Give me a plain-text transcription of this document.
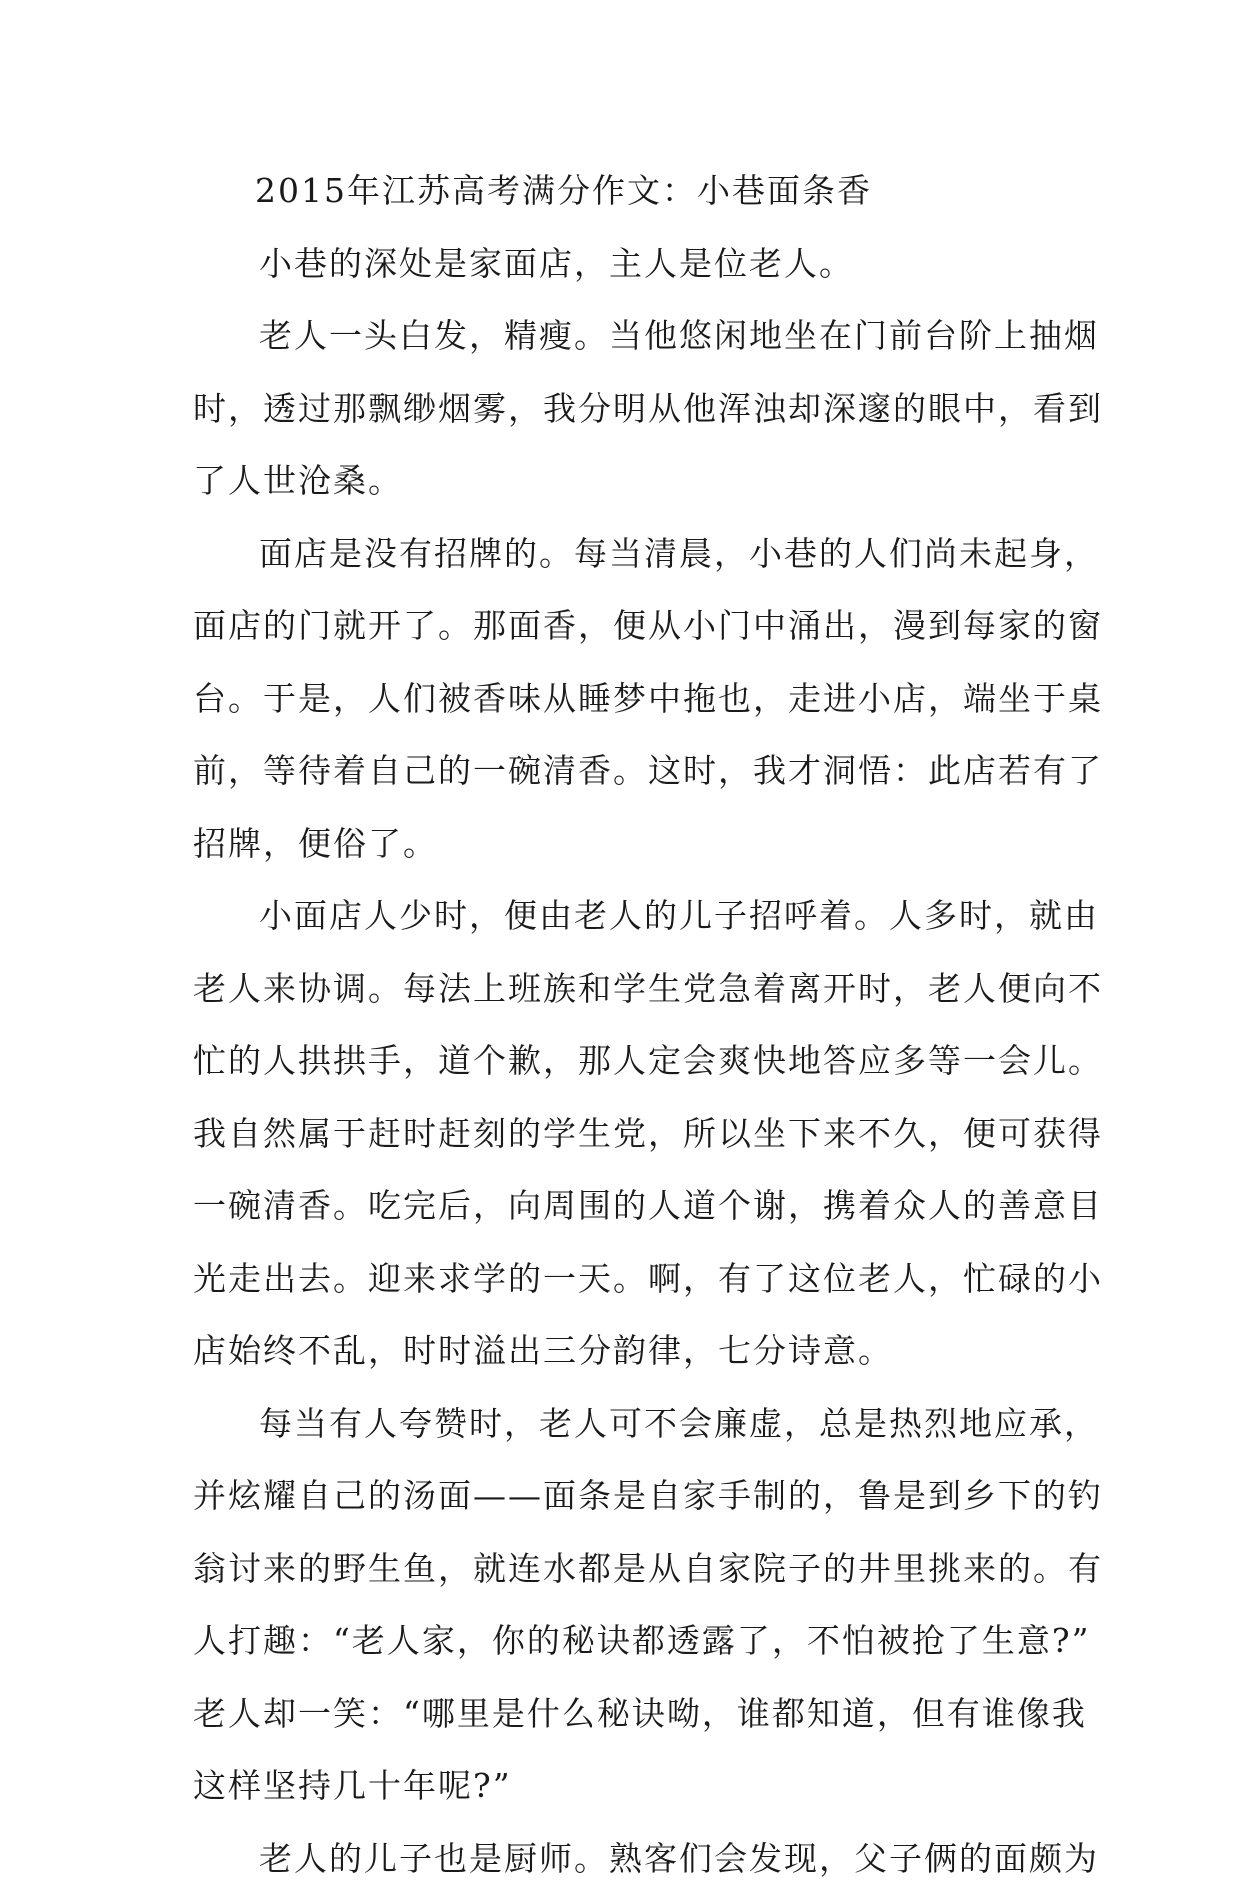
2015年江苏高考满分作文：小巷面条香

小巷的深处是家面店，主人是位老人。

老人一头白发，精瘦。当他悠闲地坐在门前台阶上抽烟

时，透过那飘缈烟雾，我分明从他浑浊却深邃的眼中，看到

了人世沧桑。

面店是没有招牌的。每当清晨，小巷的人们尚未起身，

面店的门就开了。那面香，便从小门中涌出，漫到每家的窗

台。于是，人们被香味从睡梦中拖也，走进小店，端坐于桌

前，等待着自己的一碗清香。这时，我才洞悟：此店若有了

招牌，便俗了。

小面店人少时，便由老人的儿子招呼着。人多时，就由

老人来协调。每法上班族和学生党急着离开时，老人便向不

忙的人拱拱手，道个歉，那人定会爽快地答应多等一会儿。

我自然属于赶时赶刻的学生党，所以坐下来不久，便可获得

一碗清香。吃完后，向周围的人道个谢，携着众人的善意目

光走出去。迎来求学的一天。啊，有了这位老人，忙碌的小

店始终不乱，时时溢出三分韵律，七分诗意。

每当有人夸赞时，老人可不会廉虚，总是热烈地应承，

并炫耀自己的汤面——面条是自家手制的，鲁是到乡下的钓

翁讨来的野生鱼，就连水都是从自家院子的井里挑来的。有

人打趣：“老人家，你的秘诀都透露了，不怕被抢了生意?”

老人却一笑：“哪里是什么秘诀呦，谁都知道，但有谁像我

这样坚持几十年呢?”

老人的儿子也是厨师。熟客们会发现，父子俩的面颇为
